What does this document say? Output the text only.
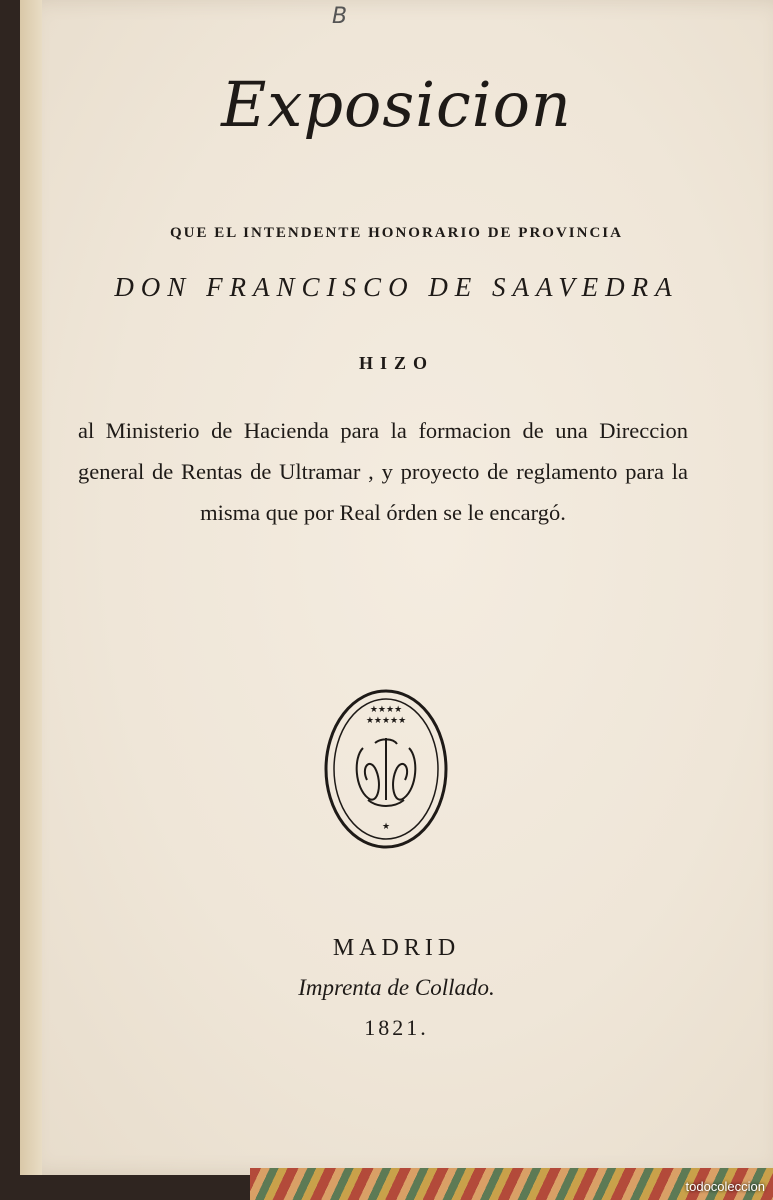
B

Exposicion

QUE EL INTENDENTE HONORARIO DE PROVINCIA

DON FRANCISCO DE SAAVEDRA

HIZO

al Ministerio de Hacienda para la formacion de una Direccion general de Rentas de Ultramar , y proyecto de reglamento para la misma que por Real órden se le encargó.

★★★★
★★★★★
★

MADRID

Imprenta de Collado.

1821.

todocoleccion
